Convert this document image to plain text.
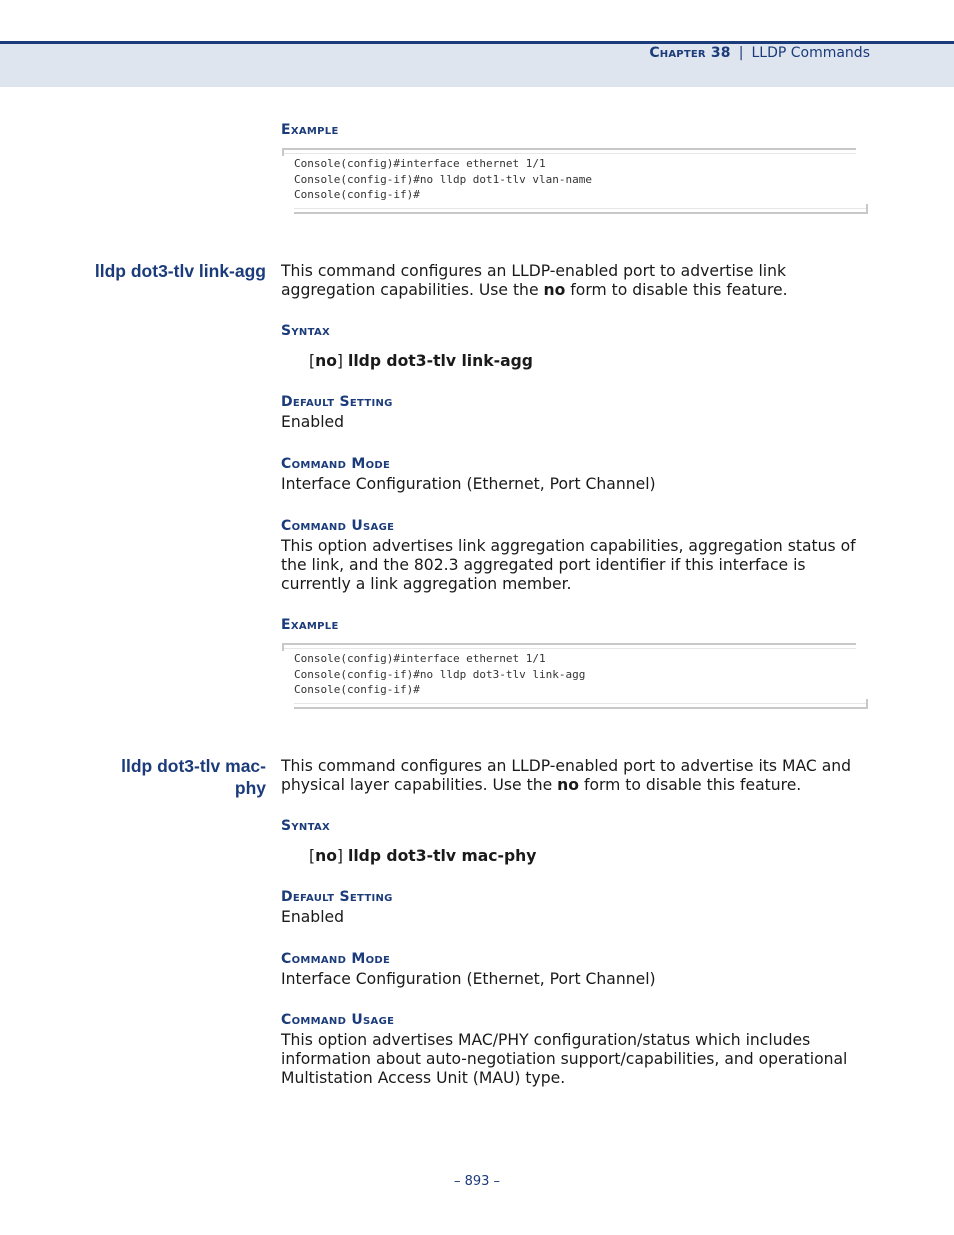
Chapter 38 | LLDP Commands
Example
Console(config)#interface ethernet 1/1
Console(config-if)#no lldp dot1-tlv vlan-name
Console(config-if)#
lldp dot3-tlv link-agg This command configures an LLDP-enabled port to advertise link aggregation capabilities. Use the no form to disable this feature.
Syntax
[no] lldp dot3-tlv link-agg
Default Setting
Enabled
Command Mode
Interface Configuration (Ethernet, Port Channel)
Command Usage
This option advertises link aggregation capabilities, aggregation status of the link, and the 802.3 aggregated port identifier if this interface is currently a link aggregation member.
Example
Console(config)#interface ethernet 1/1
Console(config-if)#no lldp dot3-tlv link-agg
Console(config-if)#
lldp dot3-tlv mac-
phy
This command configures an LLDP-enabled port to advertise its MAC and physical layer capabilities. Use the no form to disable this feature.
Syntax
[no] lldp dot3-tlv mac-phy
Default Setting
Enabled
Command Mode
Interface Configuration (Ethernet, Port Channel)
Command Usage
This option advertises MAC/PHY configuration/status which includes information about auto-negotiation support/capabilities, and operational Multistation Access Unit (MAU) type.
– 893 –
